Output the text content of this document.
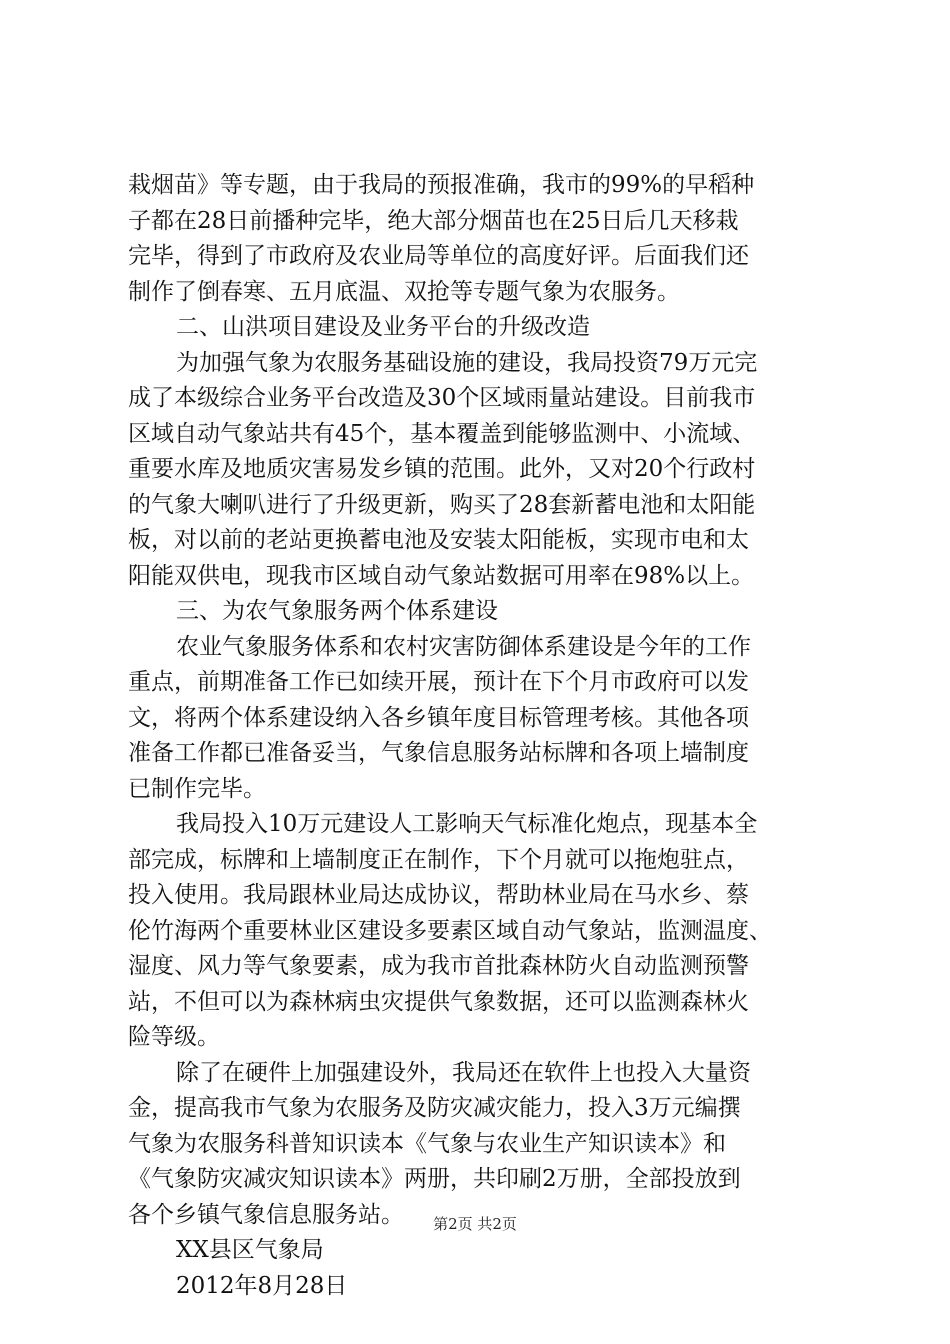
栽烟苗》等专题，由于我局的预报准确，我市的99%的早稻种
子都在28日前播种完毕，绝大部分烟苗也在25日后几天移栽
完毕，得到了市政府及农业局等单位的高度好评。后面我们还
制作了倒春寒、五月底温、双抢等专题气象为农服务。
二、山洪项目建设及业务平台的升级改造
为加强气象为农服务基础设施的建设，我局投资79万元完
成了本级综合业务平台改造及30个区域雨量站建设。目前我市
区域自动气象站共有45个，基本覆盖到能够监测中、小流域、
重要水库及地质灾害易发乡镇的范围。此外，又对20个行政村
的气象大喇叭进行了升级更新，购买了28套新蓄电池和太阳能
板，对以前的老站更换蓄电池及安装太阳能板，实现市电和太
阳能双供电，现我市区域自动气象站数据可用率在98%以上。
三、为农气象服务两个体系建设
农业气象服务体系和农村灾害防御体系建设是今年的工作
重点，前期准备工作已如续开展，预计在下个月市政府可以发
文，将两个体系建设纳入各乡镇年度目标管理考核。其他各项
准备工作都已准备妥当，气象信息服务站标牌和各项上墙制度
已制作完毕。
我局投入10万元建设人工影响天气标准化炮点，现基本全
部完成，标牌和上墙制度正在制作，下个月就可以拖炮驻点，
投入使用。我局跟林业局达成协议，帮助林业局在马水乡、蔡
伦竹海两个重要林业区建设多要素区域自动气象站，监测温度、
湿度、风力等气象要素，成为我市首批森林防火自动监测预警
站，不但可以为森林病虫灾提供气象数据，还可以监测森林火
险等级。
除了在硬件上加强建设外，我局还在软件上也投入大量资
金，提高我市气象为农服务及防灾减灾能力，投入3万元编撰
气象为农服务科普知识读本《气象与农业生产知识读本》和
《气象防灾减灾知识读本》两册，共印刷2万册，全部投放到
各个乡镇气象信息服务站。
XX县区气象局
2012年8月28日
第2页 共2页
